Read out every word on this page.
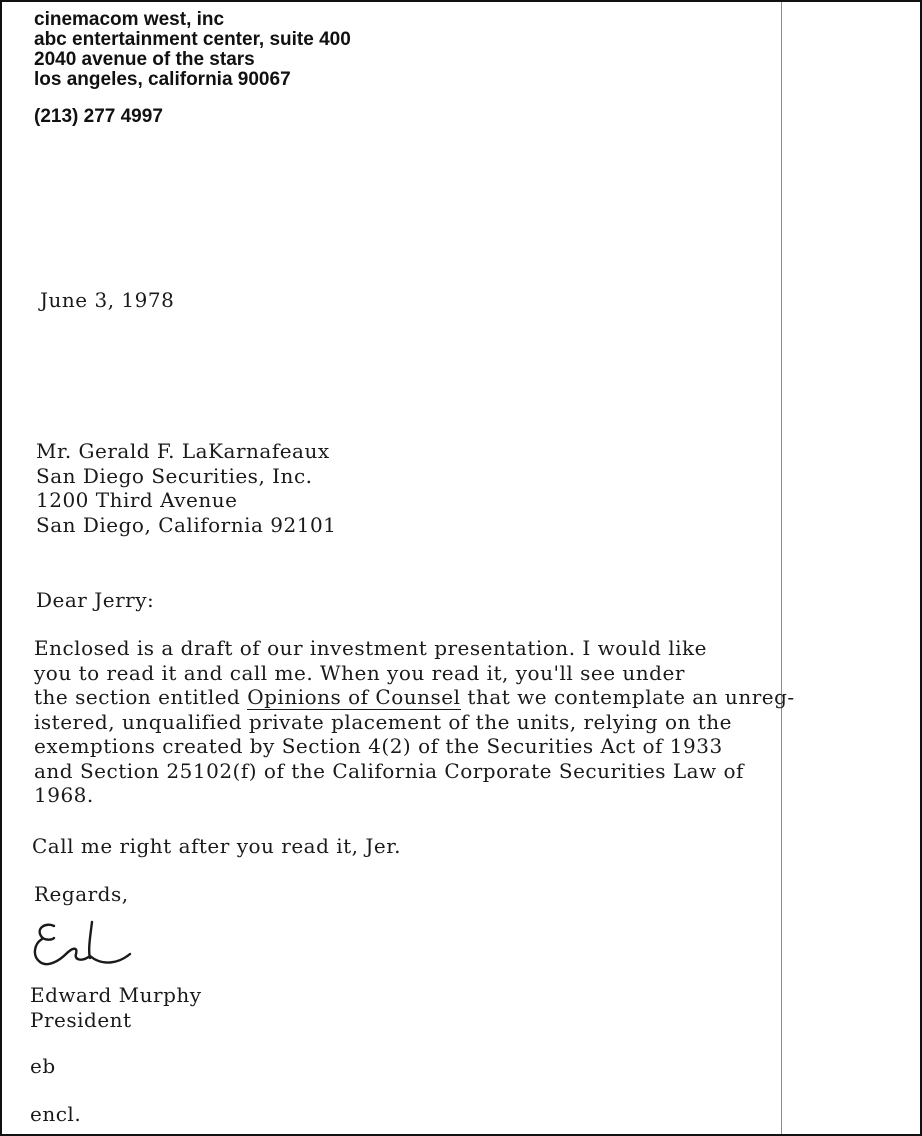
cinemacom west, inc
abc entertainment center, suite 400
2040 avenue of the stars
los angeles, california 90067
(213) 277 4997
June 3, 1978
Mr. Gerald F. LaKarnafeaux
San Diego Securities, Inc.
1200 Third Avenue
San Diego, California 92101
Dear Jerry:
Enclosed is a draft of our investment presentation. I would like
you to read it and call me. When you read it, you'll see under
the section entitled Opinions of Counsel that we contemplate an unreg-
istered, unqualified private placement of the units, relying on the
exemptions created by Section 4(2) of the Securities Act of 1933
and Section 25102(f) of the California Corporate Securities Law of
1968.
Call me right after you read it, Jer.
Regards,
Edward Murphy
President
eb
encl.
